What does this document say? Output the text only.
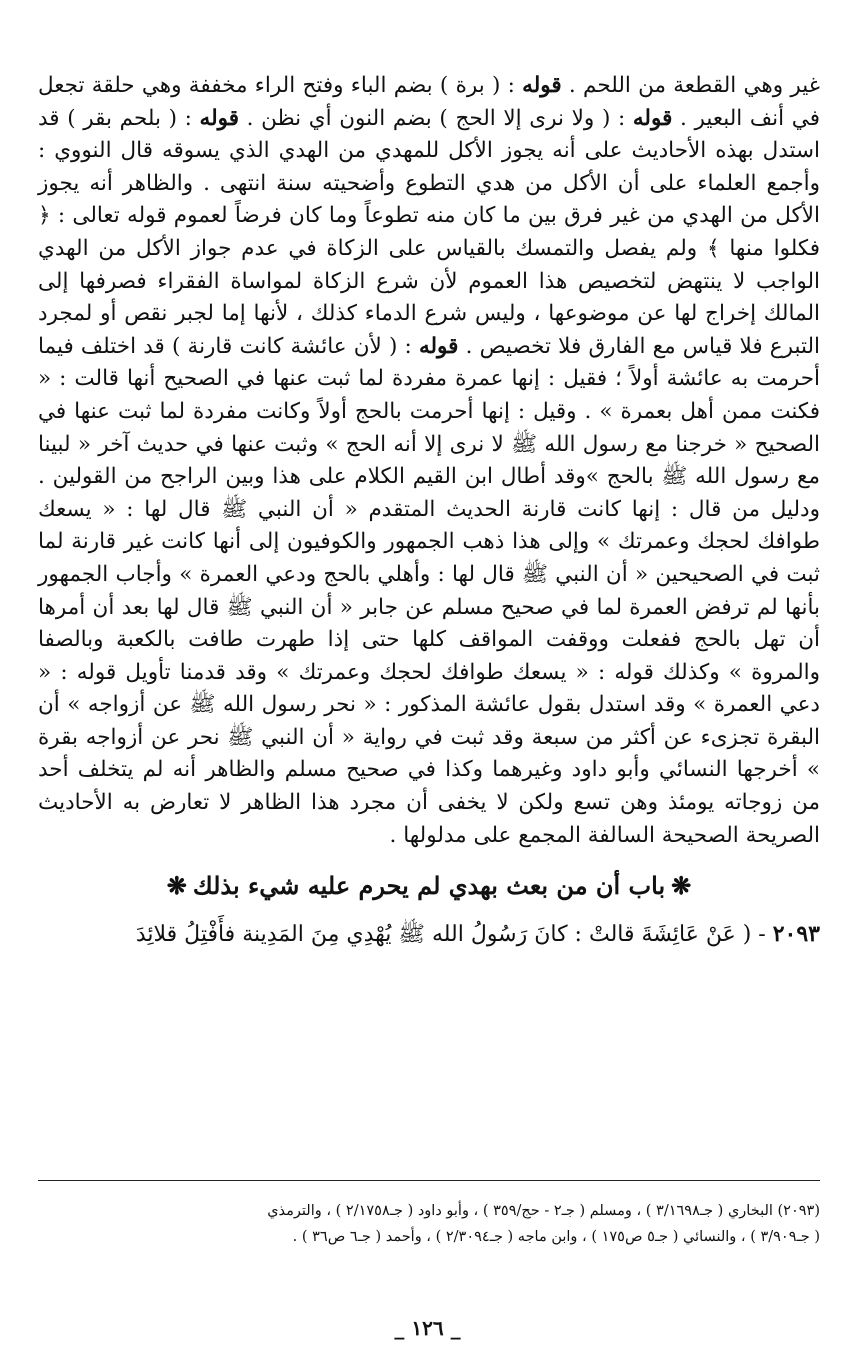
غير وهي القطعة من اللحم . قوله : ( برة ) بضم الباء وفتح الراء مخففة وهي حلقة تجعل في أنف البعير . قوله : ( ولا نرى إلا الحج ) بضم النون أي نظن . قوله : ( بلحم بقر ) قد استدل بهذه الأحاديث على أنه يجوز الأكل للمهدي من الهدي الذي يسوقه قال النووي : وأجمع العلماء على أن الأكل من هدي التطوع وأضحيته سنة انتهى . والظاهر أنه يجوز الأكل من الهدي من غير فرق بين ما كان منه تطوعاً وما كان فرضاً لعموم قوله تعالى : ﴿ فكلوا منها ﴾ ولم يفصل والتمسك بالقياس على الزكاة في عدم جواز الأكل من الهدي الواجب لا ينتهض لتخصيص هذا العموم لأن شرع الزكاة لمواساة الفقراء فصرفها إلى المالك إخراج لها عن موضوعها ، وليس شرع الدماء كذلك ، لأنها إما لجبر نقص أو لمجرد التبرع فلا قياس مع الفارق فلا تخصيص . قوله : ( لأن عائشة كانت قارنة ) قد اختلف فيما أحرمت به عائشة أولاً ؛ فقيل : إنها عمرة مفردة لما ثبت عنها في الصحيح أنها قالت : « فكنت ممن أهل بعمرة » . وقيل : إنها أحرمت بالحج أولاً وكانت مفردة لما ثبت عنها في الصحيح « خرجنا مع رسول الله ﷺ لا نرى إلا أنه الحج » وثبت عنها في حديث آخر « لبينا مع رسول الله ﷺ بالحج »وقد أطال ابن القيم الكلام على هذا وبين الراجح من القولين . ودليل من قال : إنها كانت قارنة الحديث المتقدم « أن النبي ﷺ قال لها : « يسعك طوافك لحجك وعمرتك » وإلى هذا ذهب الجمهور والكوفيون إلى أنها كانت غير قارنة لما ثبت في الصحيحين « أن النبي ﷺ قال لها : وأهلي بالحج ودعي العمرة » وأجاب الجمهور بأنها لم ترفض العمرة لما في صحيح مسلم عن جابر « أن النبي ﷺ قال لها بعد أن أمرها أن تهل بالحج ففعلت ووقفت المواقف كلها حتى إذا طهرت طافت بالكعبة وبالصفا والمروة » وكذلك قوله : « يسعك طوافك لحجك وعمرتك » وقد قدمنا تأويل قوله : « دعي العمرة » وقد استدل بقول عائشة المذكور : « نحر رسول الله ﷺ عن أزواجه » أن البقرة تجزىء عن أكثر من سبعة وقد ثبت في رواية « أن النبي ﷺ نحر عن أزواجه بقرة » أخرجها النسائي وأبو داود وغيرهما وكذا في صحيح مسلم والظاهر أنه لم يتخلف أحد من زوجاته يومئذ وهن تسع ولكن لا يخفى أن مجرد هذا الظاهر لا تعارض به الأحاديث الصريحة الصحيحة السالفة المجمع على مدلولها .

❋باب أن من بعث بهدي لم يحرم عليه شيء بذلك❋
٢٠٩٣ - ( عَنْ عَائِشَةَ قالتْ : كانَ رَسُولُ الله ﷺ يُهْدِي مِنَ المَدِينة فأَفْتِلُ قلائِدَ

(٢٠٩٣) البخاري ( جـ٣/١٦٩٨ ) ، ومسلم ( جـ٢ - حج/٣٥٩ ) ، وأبو داود ( جـ٢/١٧٥٨ ) ، والترمذي

( جـ٣/٩٠٩ ) ، والنسائي ( جـ٥ ص١٧٥ ) ، وابن ماجه ( جـ٢/٣٠٩٤ ) ، وأحمد ( جـ٦ ص٣٦ ) .

_ ١٢٦ _
